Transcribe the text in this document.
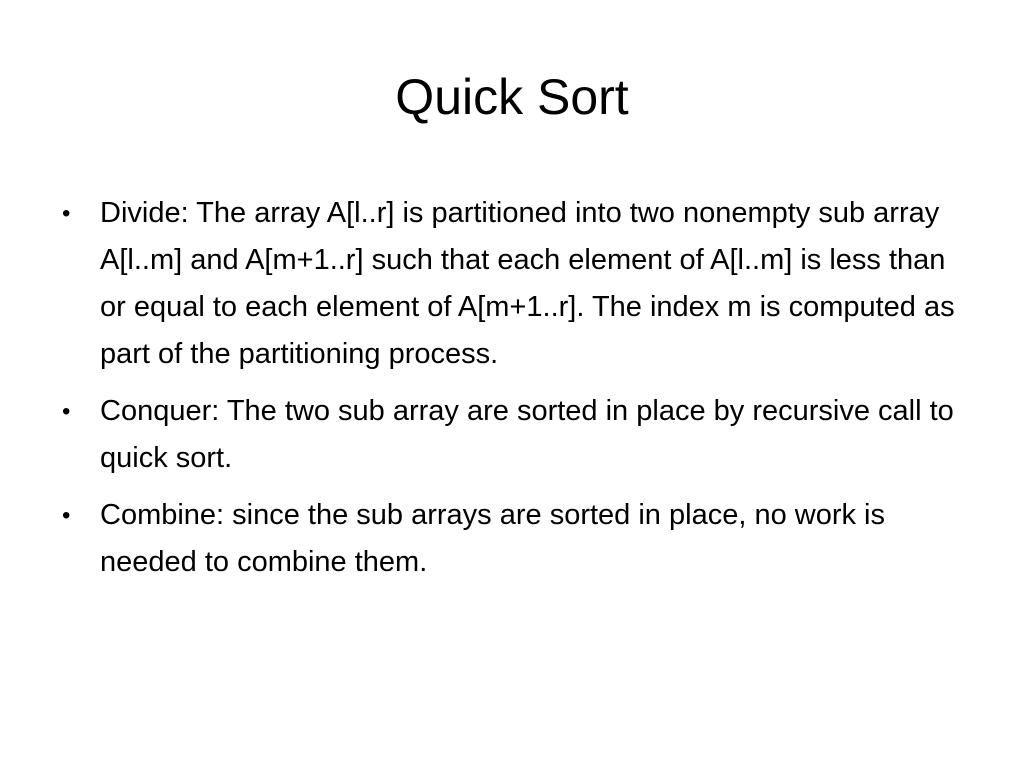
Quick Sort
• Divide: The array A[l..r] is partitioned into two nonempty sub array A[l..m] and A[m+1..r] such that each element of A[l..m] is less than or equal to each element of A[m+1..r]. The index m is computed as part of the partitioning process.
• Conquer: The two sub array are sorted in place by recursive call to quick sort.
• Combine: since the sub arrays are sorted in place, no work is needed to combine them.
